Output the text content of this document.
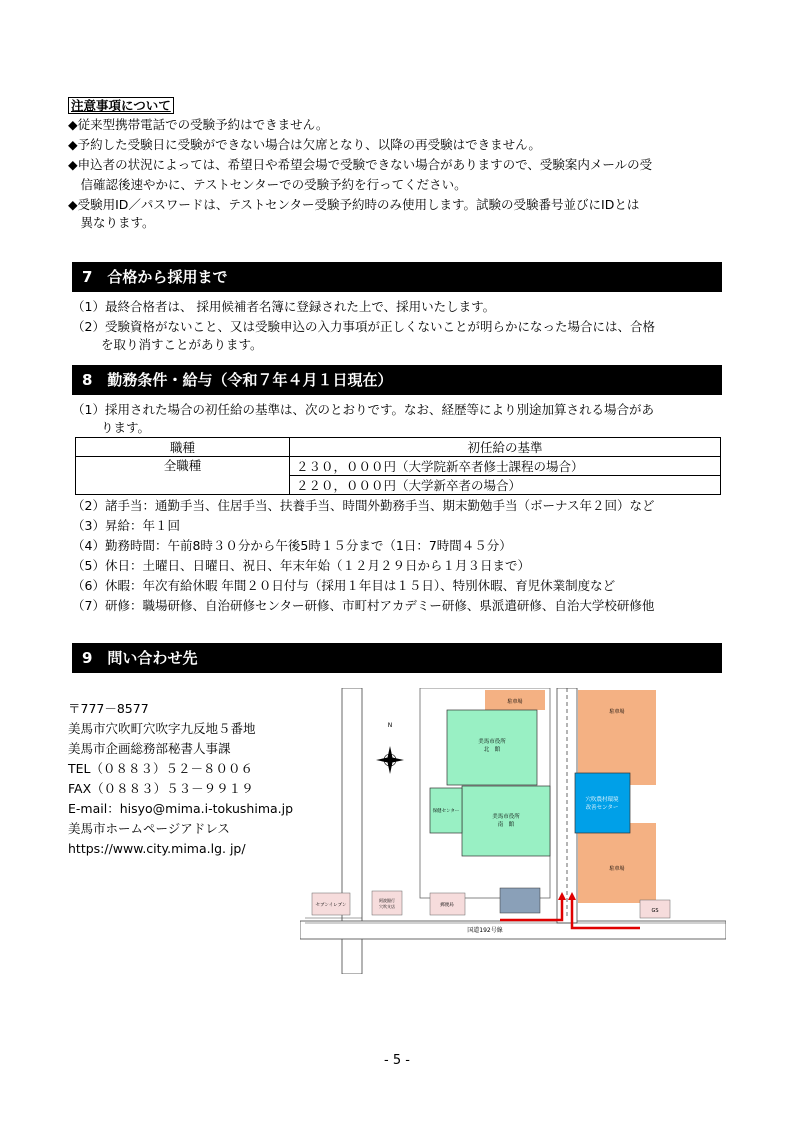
注意事項について
◆従来型携帯電話での受験予約はできません。
◆予約した受験日に受験ができない場合は欠席となり、以降の再受験はできません。
◆申込者の状況によっては、希望日や希望会場で受験できない場合がありますので、受験案内メールの受
　信確認後速やかに、テストセンターでの受験予約を行ってください。
◆受験用ID／パスワードは、テストセンター受験予約時のみ使用します。試験の受験番号並びにIDとは
　異なります。
7　合格から採用まで
（1）最終合格者は、 採用候補者名簿に登録された上で、採用いたします。
（2）受験資格がないこと、又は受験申込の入力事項が正しくないことが明らかになった場合には、合格
　　 を取り消すことがあります。
8　勤務条件・給与（令和７年４月１日現在）
（1）採用された場合の初任給の基準は、次のとおりです。なお、経歴等により別途加算される場合があ
　　 ります。
職種	初任給の基準
全職種	２３０，０００円（大学院新卒者修士課程の場合）
	２２０，０００円（大学新卒者の場合）
（2）諸手当：通勤手当、住居手当、扶養手当、時間外勤務手当、期末勤勉手当（ボーナス年２回）など
（3）昇給：年１回
（4）勤務時間：午前8時３０分から午後5時１５分まで（1日：7時間４５分）
（5）休日：土曜日、日曜日、祝日、年末年始（１２月２９日から１月３日まで）
（6）休暇：年次有給休暇 年間２０日付与（採用１年目は１５日）、特別休暇、育児休業制度など
（7）研修：職場研修、自治研修センター研修、市町村アカデミー研修、県派遣研修、自治大学校研修他
9　問い合わせ先
〒777－8577
美馬市穴吹町穴吹字九反地５番地
美馬市企画総務部秘書人事課
TEL（０８８３）５２－８００６
FAX（０８８３）５３－９９１９
E-mail：hisyo@mima.i-tokushima.jp
美馬市ホームページアドレス
https://www.city.mima.lg. jp/
駐車場
駐車場
駐車場
美馬市役所
北　館
美馬市役所
南　館
保健センター
穴吹農村環境
改善センター
セブンイレブン
阿波銀行
穴吹支店	郵便局
GS
国道192号線
N
- 5 -
